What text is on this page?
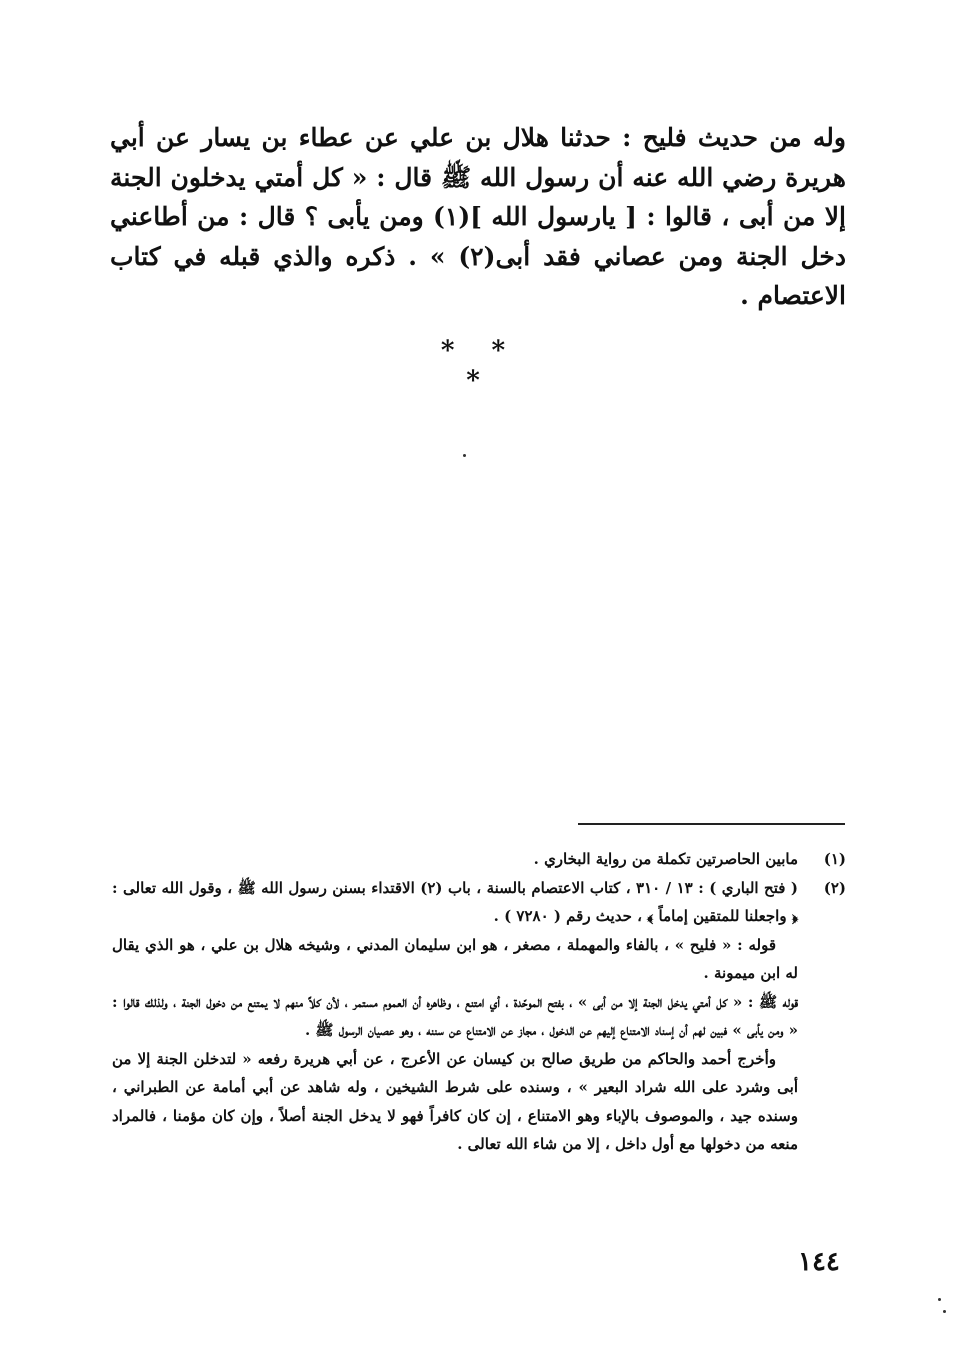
وله من حديث فليح : حدثنا هلال بن علي عن عطاء بن يسار عن أبي هريرة رضي الله عنه أن رسول الله ﷺ قال : « كل أمتي يدخلون الجنة إلا من أبى ، قالوا : [ يارسول الله ](١) ومن يأبى ؟ قال : من أطاعني دخل الجنة ومن عصاني فقد أبى(٢) » . ذكره والذي قبله في كتاب الاعتصام .

* * *
(١)

مابين الحاصرتين تكملة من رواية البخاري .

(٢)

( فتح الباري ) : ١٣ / ٣١٠ ، كتاب الاعتصام بالسنة ، باب (٢) الاقتداء بسنن رسول الله ﷺ ، وقول الله تعالى : ﴿ واجعلنا للمتقين إماماً ﴾ ، حديث رقم ( ٧٢٨٠ ) .

قوله : « فليح » ، بالفاء والمهملة ، مصغر ، هو ابن سليمان المدني ، وشيخه هلال بن علي ، هو الذي يقال له ابن ميمونة .

قوله ﷺ : « كل أمتي يدخل الجنة إلا من أبى » ، بفتح الموحّدة ، أي امتنع ، وظاهره أن العموم مستمر ، لأن كلاً منهم لا يمتنع من دخول الجنة ، ولذلك قالوا : « ومن يأبى » فبين لهم أن إسناد الامتناع إليهم عن الدخول ، مجاز عن الامتناع عن سننه ، وهو عصيان الرسول ﷺ .

وأخرج أحمد والحاكم من طريق صالح بن كيسان عن الأعرج ، عن أبي هريرة رفعه « لتدخلن الجنة إلا من أبى وشرد على الله شراد البعير » ، وسنده على شرط الشيخين ، وله شاهد عن أبي أمامة عن الطبراني ، وسنده جيد ، والموصوف بالإباء وهو الامتناع ، إن كان كافراً فهو لا يدخل الجنة أصلاً ، وإن كان مؤمنا ، فالمراد منعه من دخولها مع أول داخل ، إلا من شاء الله تعالى .

١٤٤
